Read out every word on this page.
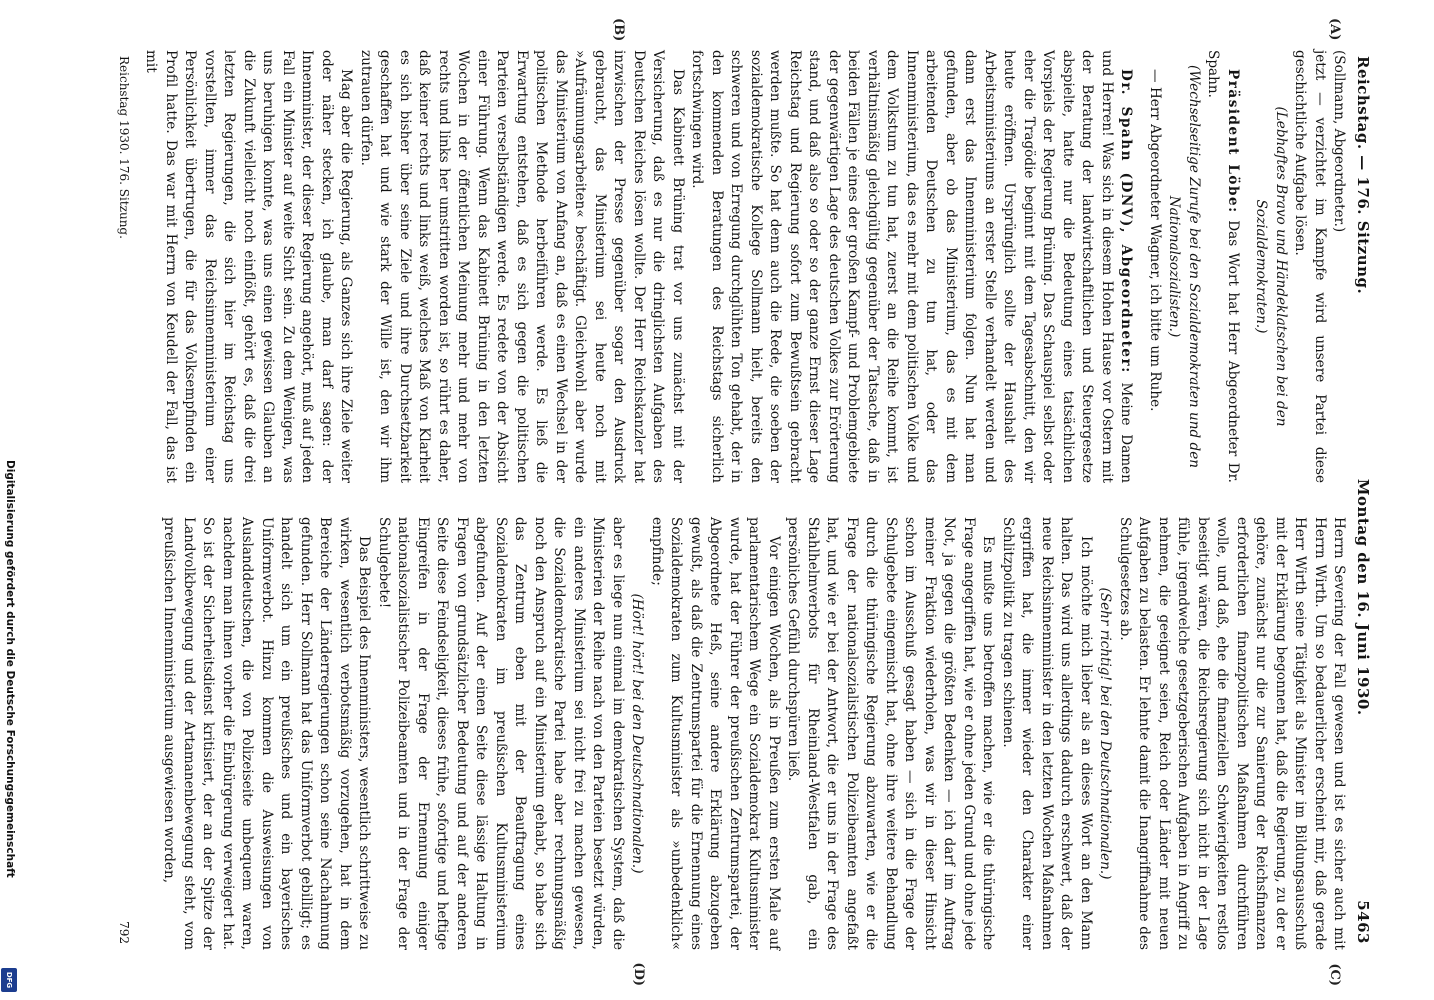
Reichstag. — 176. Sitzung.
Montag den 16. Juni 1930.
5463
(A)
(B)
(C)
(D)

(Sollmann, Abgeordneter.)

jetzt — verzichtet im Kampfe wird unsere Partei diese geschichtliche Aufgabe lösen.

(Lebhaftes Bravo und Händeklatschen bei den Sozialdemokraten.)

Präsident Löbe: Das Wort hat Herr Abgeordneter Dr. Spahn.

(Wechselseitige Zurufe bei den Sozialdemokraten und den Nationalsozialisten.)

— Herr Abgeordneter Wagner, ich bitte um Ruhe.

Dr. Spahn (DNV), Abgeordneter: Meine Damen und Herren! Was sich in diesem Hohen Hause vor Ostern mit der Beratung der landwirtschaftlichen und Steuergesetze abspielte, hatte nur die Bedeutung eines tatsächlichen Vorspiels der Regierung Brüning. Das Schauspiel selbst oder eher die Tragödie beginnt mit dem Tagesabschnitt, den wir heute eröffnen. Ursprünglich sollte der Haushalt des Arbeitsministeriums an erster Stelle verhandelt werden und dann erst das Innenministerium folgen. Nun hat man gefunden, aber ob das Ministerium, das es mit dem arbeitenden Deutschen zu tun hat, oder das Innenministerium, das es mehr mit dem politischen Volke und dem Volkstum zu tun hat, zuerst an die Reihe kommt, ist verhältnismäßig gleichgültig gegenüber der Tatsache, daß in beiden Fällen je eines der großen Kampf- und Problemgebiete der gegenwärtigen Lage des deutschen Volkes zur Erörterung stand, und daß also so oder so der ganze Ernst dieser Lage Reichstag und Regierung sofort zum Bewußtsein gebracht werden mußte. So hat denn auch die Rede, die soeben der sozialdemokratische Kollege Sollmann hielt, bereits den schweren und von Erregung durchglühten Ton gehabt, der in den kommenden Beratungen des Reichstags sicherlich fortschwingen wird.

Das Kabinett Brüning trat vor uns zunächst mit der Versicherung, daß es nur die dringlichsten Aufgaben des Deutschen Reiches lösen wollte. Der Herr Reichskanzler hat inzwischen der Presse gegenüber sogar den Ausdruck gebraucht, das Ministerium sei heute noch mit »Aufräumungsarbeiten« beschäftigt. Gleichwohl aber wurde das Ministerium von Anfang an, daß es einen Wechsel in der politischen Methode herbeiführen werde. Es ließ die Erwartung entstehen, daß es sich gegen die politischen Parteien verselbständigen werde. Es redete von der Absicht einer Führung. Wenn das Kabinett Brüning in den letzten Wochen in der öffentlichen Meinung mehr und mehr von rechts und links her umstritten worden ist, so rührt es daher, daß keiner rechts und links weiß, welches Maß von Klarheit es sich bisher über seine Ziele und ihre Durchsetzbarkeit geschaffen hat und wie stark der Wille ist, den wir ihm zutrauen dürfen.

Mag aber die Regierung, als Ganzes sich ihre Ziele weiter oder näher stecken, ich glaube, man darf sagen: der Innenminister, der dieser Regierung angehört, muß auf jeden Fall ein Minister auf weite Sicht sein. Zu dem Wenigen, was uns beruhigen konnte, was uns einen gewissen Glauben an die Zukunft vielleicht noch einflößt, gehört es, daß die drei letzten Regierungen, die sich hier im Reichstag uns vorstellten, immer das Reichsinnenministerium einer Persönlichkeit übertrugen, die für das Volksempfinden ein Profil hatte. Das war mit Herrn von Keudell der Fall, das ist mit

Herrn Severing der Fall gewesen und ist es sicher auch mit Herrn Wirth. Um so bedauerlicher erscheint mir, daß gerade Herr Wirth seine Tätigkeit als Minister im Bildungsausschuß mit der Erklärung begonnen hat, daß die Regierung, zu der er gehöre, zunächst nur die zur Sanierung der Reichsfinanzen erforderlichen finanzpolitischen Maßnahmen durchführen wolle, und daß, ehe die finanziellen Schwierigkeiten restlos beseitigt wären, die Reichsregierung sich nicht in der Lage fühle, irgendwelche gesetzgeberischen Aufgaben in Angriff zu nehmen, die geeignet seien, Reich oder Länder mit neuen Aufgaben zu belasten. Er lehnte damit die Inangriffnahme des Schulgesetzes ab.

(Sehr richtig! bei den Deutschnationalen.)

Ich möchte mich lieber als an dieses Wort an den Mann halten. Das wird uns allerdings dadurch erschwert, daß der neue Reichsinnenminister in den letzten Wochen Maßnahmen ergriffen hat, die immer wieder den Charakter einer Schlitzpolitik zu tragen schienen.

Es mußte uns betroffen machen, wie er die thüringische Frage angegriffen hat, wie er ohne jeden Grund und ohne jede Not, ja gegen die größten Bedenken — ich darf im Auftrag meiner Fraktion wiederholen, was wir in dieser Hinsicht schon im Ausschuß gesagt haben — sich in die Frage der Schulgebete eingemischt hat, ohne ihre weitere Behandlung durch die thüringische Regierung abzuwarten, wie er die Frage der nationalsozialistischen Polizeibeamten angefaßt hat, und wie er bei der Antwort, die er uns in der Frage des Stahlhelmverbots für Rheinland-Westfalen gab, ein persönliches Gefühl durchspüren ließ.

Vor einigen Wochen, als in Preußen zum ersten Male auf parlamentarischem Wege ein Sozialdemokrat Kultusminister wurde, hat der Führer der preußischen Zentrumspartei, der Abgeordnete Heß, seine andere Erklärung abzugeben gewußt, als daß die Zentrumspartei für die Ernennung eines Sozialdemokraten zum Kultusminister als »unbedenklich« empfinde;

(Hört! hört! bei den Deutschnationalen.)

aber es liege nun einmal im demokratischen System, daß die Ministerien der Reihe nach von den Parteien besetzt würden, ein anderes Ministerium sei nicht frei zu machen gewesen, die Sozialdemokratische Partei habe aber rechnungsmäßig noch den Anspruch auf ein Ministerium gehabt, so habe sich das Zentrum eben mit der Beauftragung eines Sozialdemokraten im preußischen Kultusministerium abgefunden. Auf der einen Seite diese lässige Haltung in Fragen von grundsätzlicher Bedeutung und auf der anderen Seite diese Feindseligkeit, dieses frühe, sofortige und heftige Eingreifen in der Frage der Ernennung einiger nationalsozialistischer Polizeibeamten und in der Frage der Schulgebete!

Das Beispiel des Innenministers, wesentlich schrittweise zu wirken, wesentlich verbotsmäßig vorzugehen, hat in dem Bereiche der Länderregierungen schon seine Nachahmung gefunden. Herr Sollmann hat das Uniformverbot gebilligt; es handelt sich um ein preußisches und ein bayerisches Uniformverbot. Hinzu kommen die Ausweisungen von Auslanddeutschen, die von Polizeiseite unbequem waren, nachdem man ihnen vorher die Einbürgerung verweigert hat. So ist der Sicherheitsdienst kritisiert, der an der Spitze der Landvolkbewegung und der Artamanenbewegung steht, vom preußischen Innenministerium ausgewiesen worden,

Reichstag 1930. 176. Sitzung.
792
Digitalisierung gefördert durch die Deutsche Forschungsgemeinschaft
DFG
